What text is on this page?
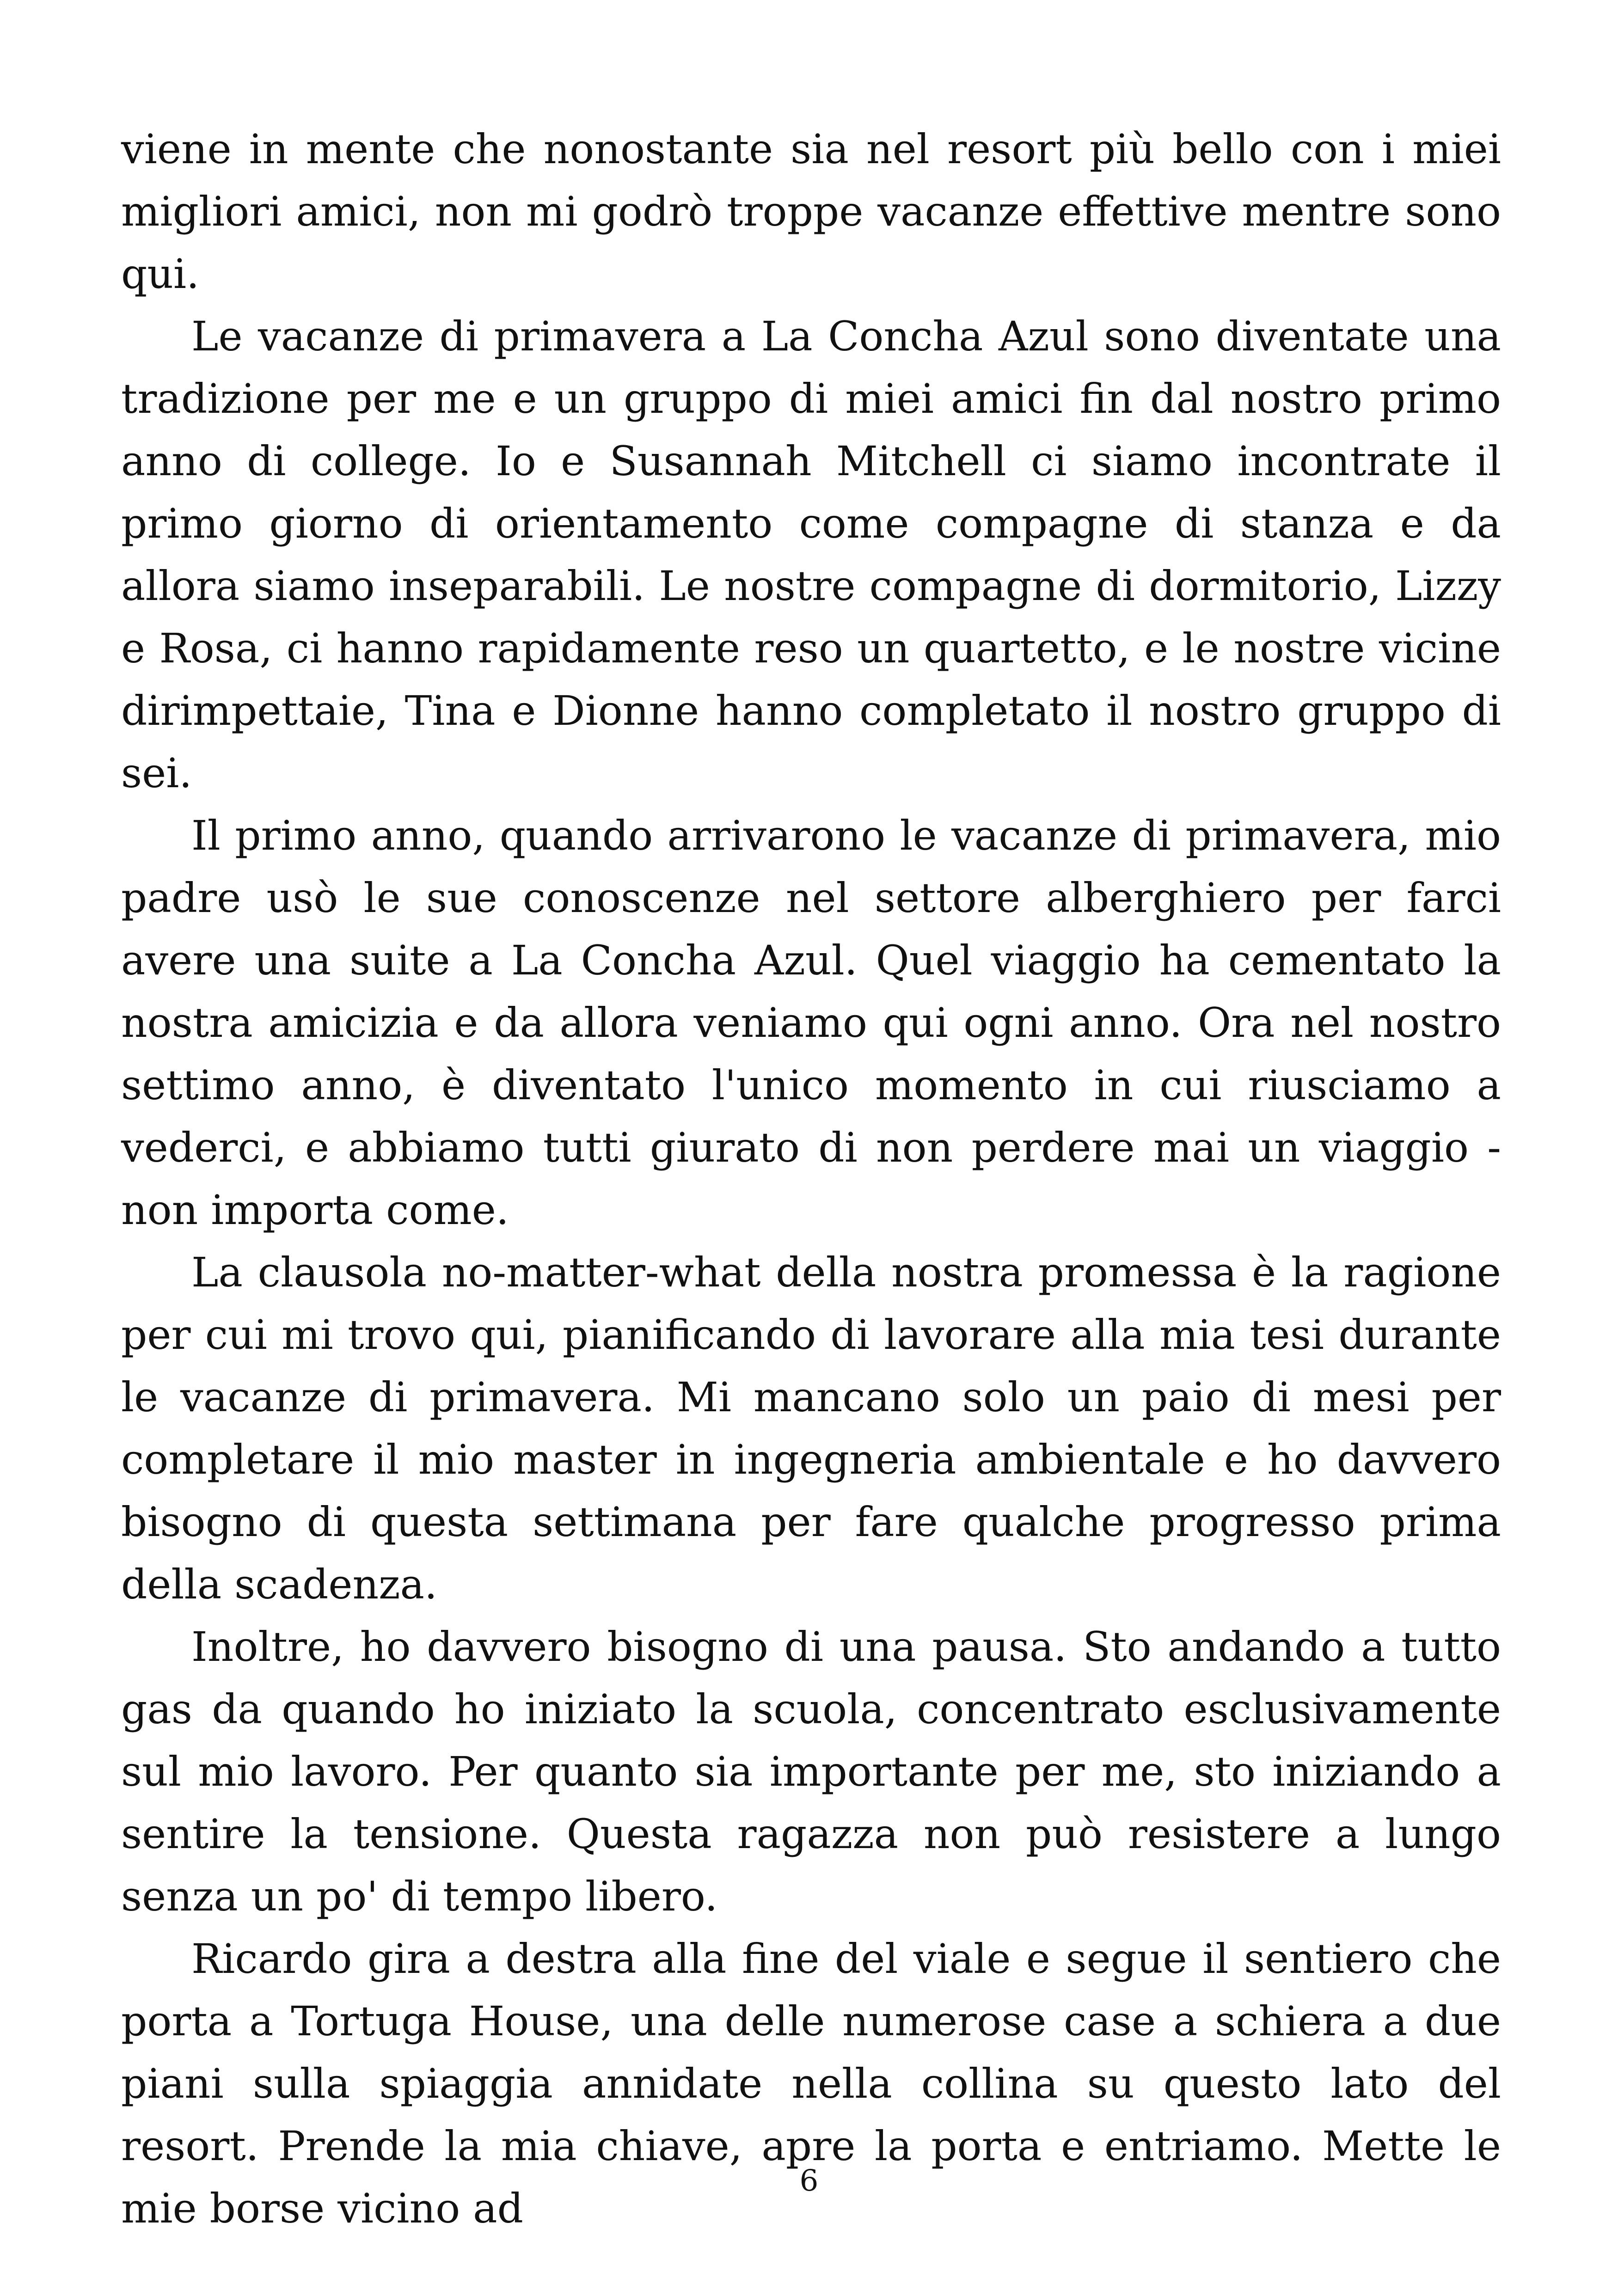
viene in mente che nonostante sia nel resort più bello con i miei migliori amici, non mi godrò troppe vacanze effettive mentre sono qui.

Le vacanze di primavera a La Concha Azul sono diventate una tradizione per me e un gruppo di miei amici fin dal nostro primo anno di college. Io e Susannah Mitchell ci siamo incontrate il primo giorno di orientamento come compagne di stanza e da allora siamo inseparabili. Le nostre compagne di dormitorio, Lizzy e Rosa, ci hanno rapidamente reso un quartetto, e le nostre vicine dirimpettaie, Tina e Dionne hanno completato il nostro gruppo di sei.

Il primo anno, quando arrivarono le vacanze di primavera, mio padre usò le sue conoscenze nel settore alberghiero per farci avere una suite a La Concha Azul. Quel viaggio ha cementato la nostra amicizia e da allora veniamo qui ogni anno. Ora nel nostro settimo anno, è diventato l'unico momento in cui riusciamo a vederci, e abbiamo tutti giurato di non perdere mai un viaggio - non importa come.

La clausola no-matter-what della nostra promessa è la ragione per cui mi trovo qui, pianificando di lavorare alla mia tesi durante le vacanze di primavera. Mi mancano solo un paio di mesi per completare il mio master in ingegneria ambientale e ho davvero bisogno di questa settimana per fare qualche progresso prima della scadenza.

Inoltre, ho davvero bisogno di una pausa. Sto andando a tutto gas da quando ho iniziato la scuola, concentrato esclusivamente sul mio lavoro. Per quanto sia importante per me, sto iniziando a sentire la tensione. Questa ragazza non può resistere a lungo senza un po' di tempo libero.

Ricardo gira a destra alla fine del viale e segue il sentiero che porta a Tortuga House, una delle numerose case a schiera a due piani sulla spiaggia annidate nella collina su questo lato del resort. Prende la mia chiave, apre la porta e entriamo. Mette le mie borse vicino ad

6
